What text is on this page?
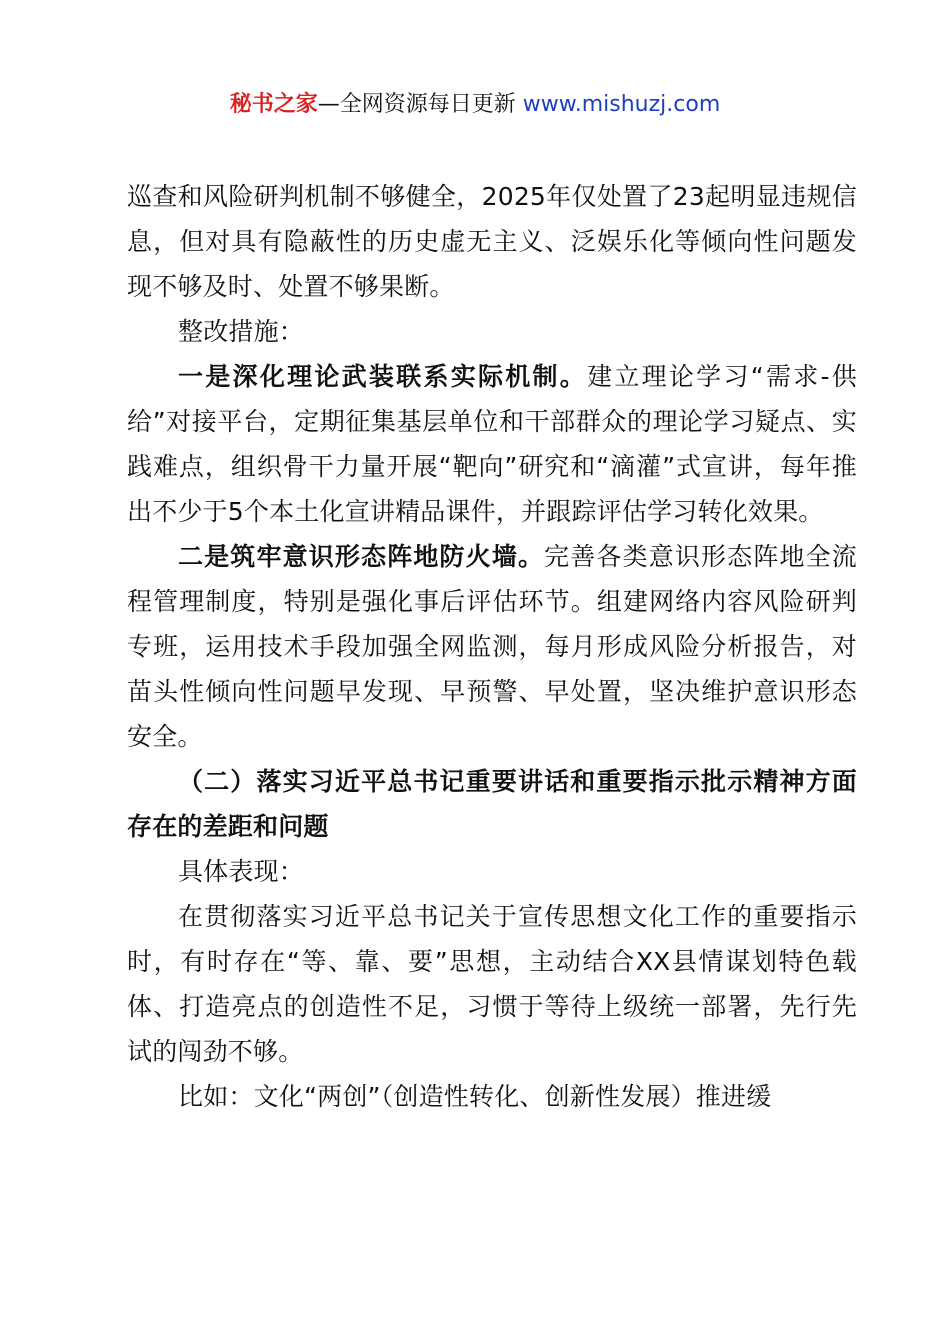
秘书之家—全网资源每日更新 www.mishuzj.com

巡查和风险研判机制不够健全，2025年仅处置了23起明显违规信息，但对具有隐蔽性的历史虚无主义、泛娱乐化等倾向性问题发现不够及时、处置不够果断。

整改措施：

一是深化理论武装联系实际机制。建立理论学习“需求-供给”对接平台，定期征集基层单位和干部群众的理论学习疑点、实践难点，组织骨干力量开展“靶向”研究和“滴灌”式宣讲，每年推出不少于5个本土化宣讲精品课件，并跟踪评估学习转化效果。

二是筑牢意识形态阵地防火墙。完善各类意识形态阵地全流程管理制度，特别是强化事后评估环节。组建网络内容风险研判专班，运用技术手段加强全网监测，每月形成风险分析报告，对苗头性倾向性问题早发现、早预警、早处置，坚决维护意识形态安全。

（二）落实习近平总书记重要讲话和重要指示批示精神方面存在的差距和问题

具体表现：

在贯彻落实习近平总书记关于宣传思想文化工作的重要指示时，有时存在“等、靠、要”思想，主动结合XX县情谋划特色载体、打造亮点的创造性不足，习惯于等待上级统一部署，先行先试的闯劲不够。

比如：文化“两创”（创造性转化、创新性发展）推进缓
